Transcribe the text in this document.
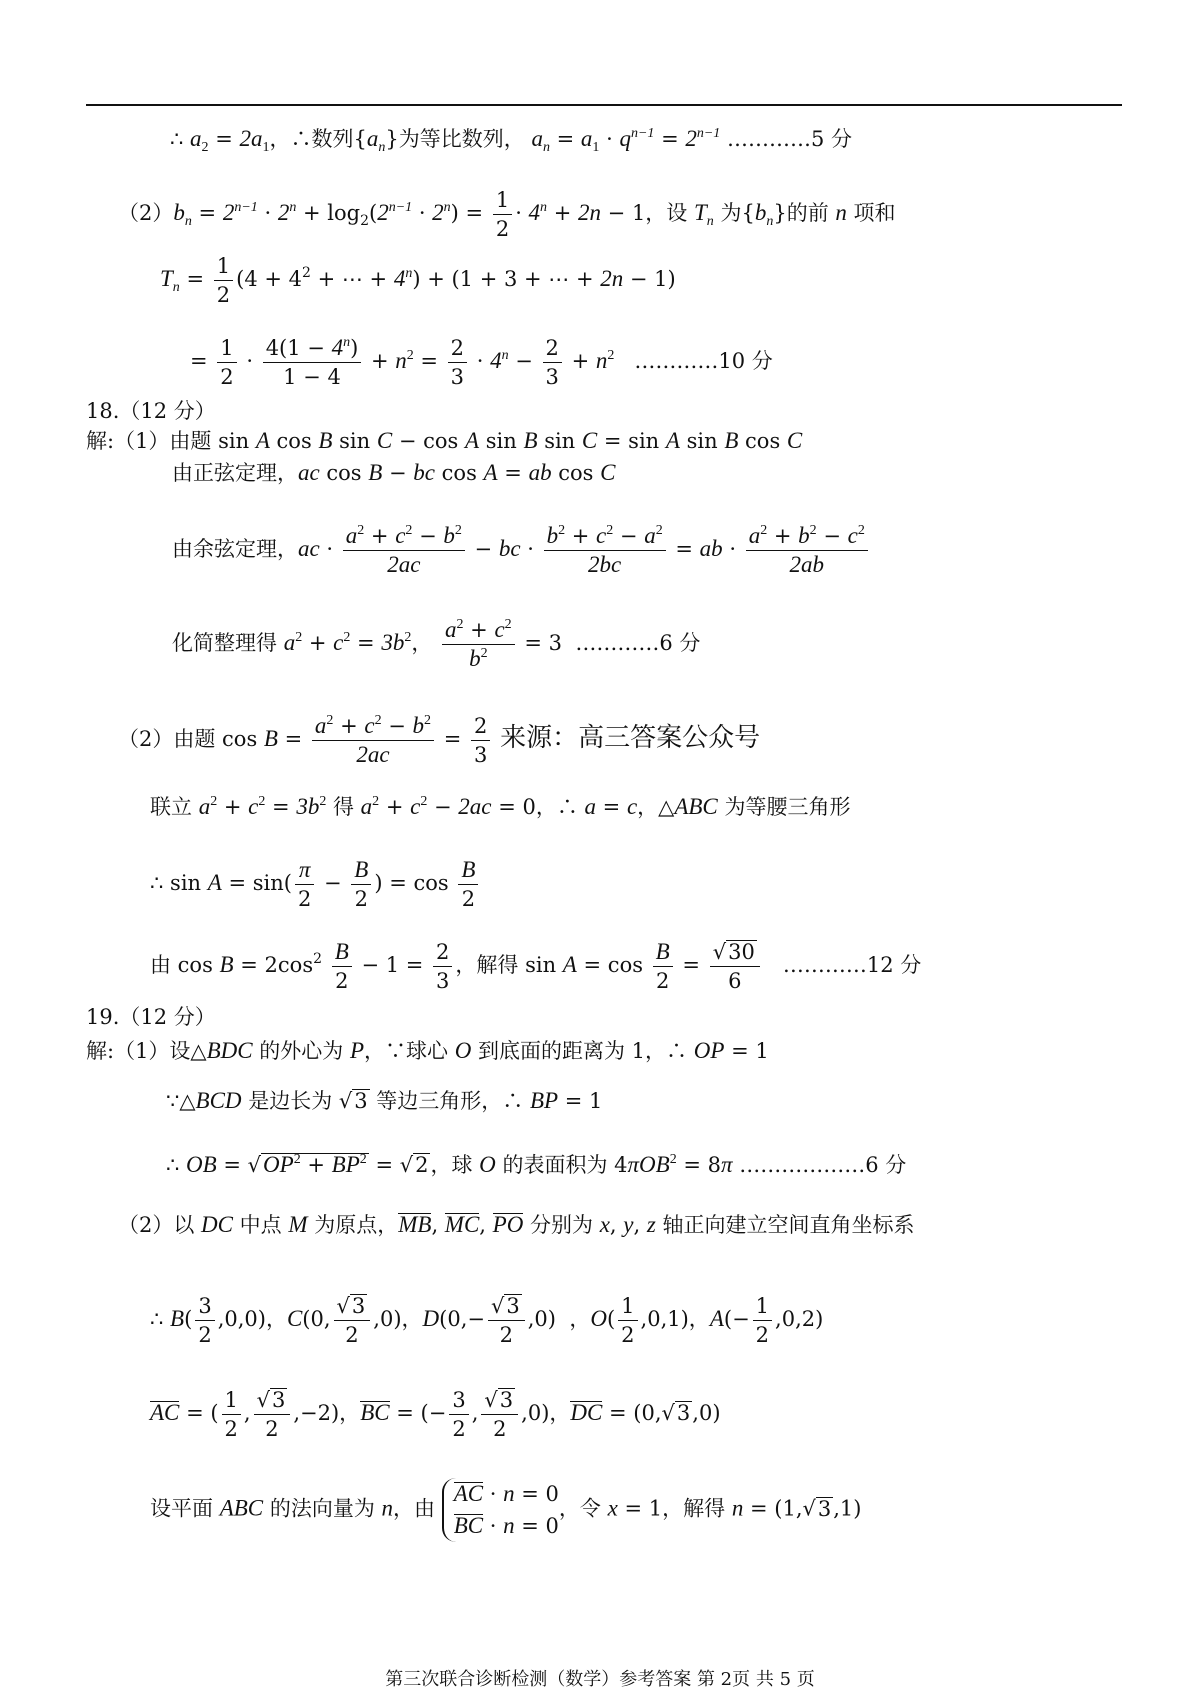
∴ $a_2 = 2a_1$，∴数列$\{a_n\}$为等比数列， $a_n = a_1 \cdot q^{n-1} = 2^{n-1}$ …………5 分
$(2)b_n = 2^{n-1} \cdot 2^n + \log_2(2^{n-1} \cdot 2^n) = \frac{1}{2} \cdot 4^n + 2n - 1$，设 $T_n$ 为$\{b_n\}$的前 n 项和
$T_n = \frac{1}{2} (4 + 4^2$ + ⋯ + $4^n) + (1 + 3$ + ⋯ + 2n − 1)
= $\frac{1}{2} \cdot \frac{4(1 - 4^n)}{1 - 4} + n^2 = \frac{2}{3} \cdot 4^n - \frac{2}{3} + n^2$   …………10 分
18.（12 分）
解:（1）由题 sin A cos B sin C − cos A sin B sin C = sin A sin B cos C
由正弦定理，ac cos B − bc cos A = ab cos C
由余弦定理，ac · $\frac{a^2 + c^2 - b^2}{2ac}$ − bc · $\frac{b^2 + c^2 - a^2}{2bc}$ = ab · $\frac{a^2 + b^2 - c^2}{2ab}$
化简整理得 $a^2 + c^2 = 3b^2$， $\frac{a^2 + c^2}{b^2} = 3$  …………6 分
（2）由题 $\cos B = \frac{a^2 + c^2 - b^2}{2ac} = \frac{2}{3}$ 来源：高三答案公众号
联立 $a^2 + c^2 = 3b^2$ 得 $a^2 + c^2 - 2ac = 0$，∴ a = c，△ABC 为等腰三角形
∴ $\sin A = \sin( \frac{\pi}{2} - \frac{B}{2}$ ) = $\cos \frac{B}{2}$
由 $\cos B = 2\cos^2 \frac{B}{2} - 1 = \frac{2}{3}$ ，解得 $\sin A = \cos \frac{B}{2} = \frac{√30}{6}$ …………12 分
19.（12 分）
解:（1）设△BDC 的外心为 P，∵球心 O 到底面的距离为 1，∴ OP = 1
∵△BCD 是边长为 √3 等边三角形，∴ BP = 1
∴ OB = $√OP^2 + BP^2 = √2$，球 O 的表面积为 4πOB$^2$ = 8π ………………6 分
（2）以 DC 中点 M 为原点，MB, MC, PO 分别为 x, y, z 轴正向建立空间直角坐标系
∴ $B( \frac{3}{2} ,0,0)$，C(0, $\frac{√3}{2} ,0$)，$D(0,- \frac{√3}{2} ,0)$  ，$O( \frac{1}{2} ,0,1)$，$A(- \frac{1}{2} ,0,2)$
AC = ( $\frac{1}{2}$ , $\frac{√3}{2} ,-2$)，BC = (− $\frac{3}{2}$ , $\frac{√3}{2} ,0$)，DC = (0,√3,0)
设平面 ABC 的法向量为 n，由
AC · n = 0
BC · n = 0
，令 x = 1，解得 n = (1,√3,1)
第三次联合诊断检测（数学）参考答案 第 2页 共 5 页
